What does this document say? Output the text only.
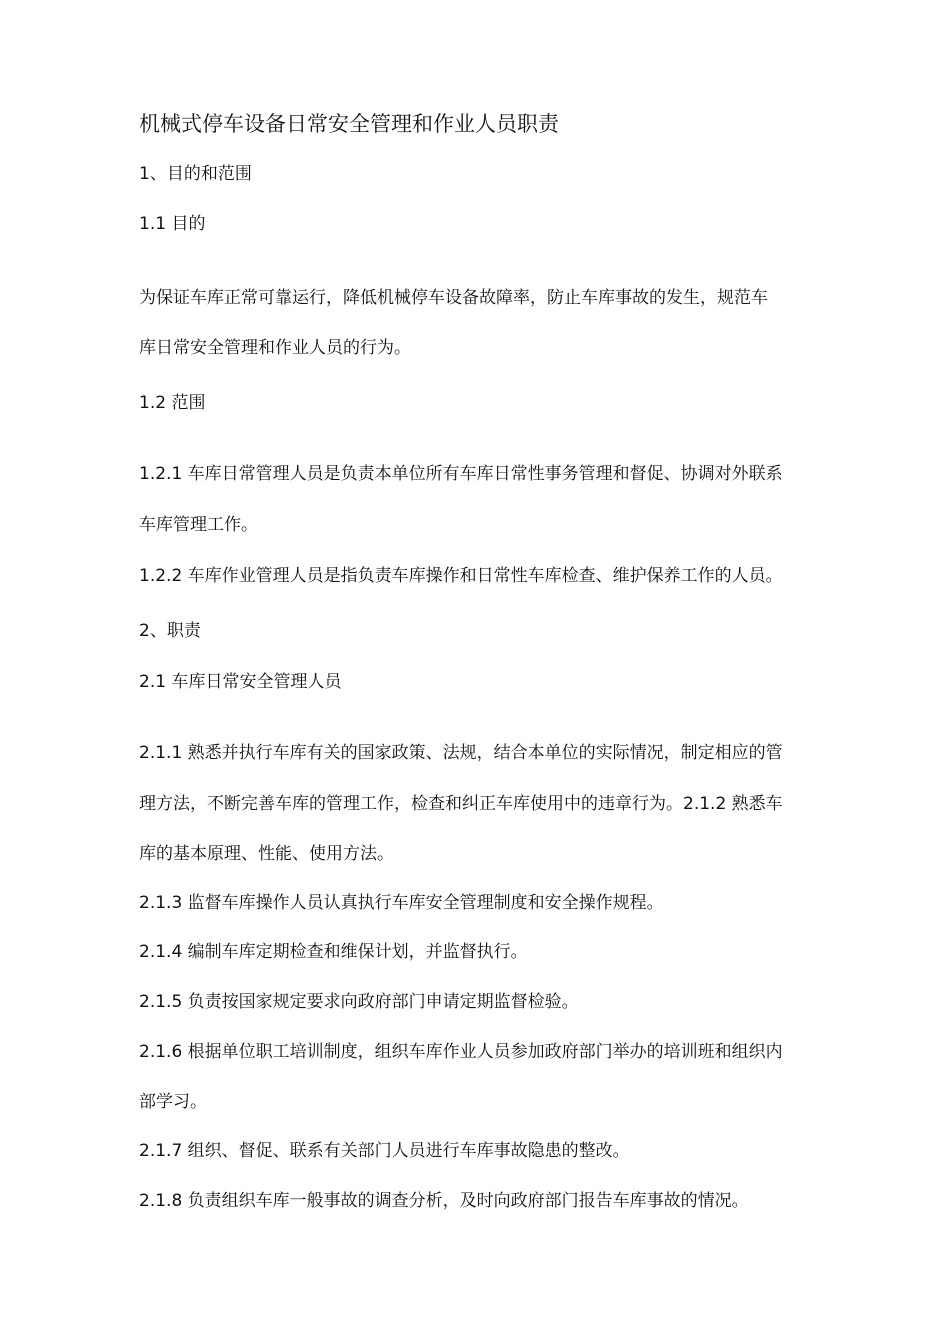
机械式停车设备日常安全管理和作业人员职责
1、目的和范围
1.1 目的
为保证车库正常可靠运行，降低机械停车设备故障率，防止车库事故的发生，规范车
库日常安全管理和作业人员的行为。
1.2 范围
1.2.1 车库日常管理人员是负责本单位所有车库日常性事务管理和督促、协调对外联系
车库管理工作。
1.2.2 车库作业管理人员是指负责车库操作和日常性车库检查、维护保养工作的人员。
2、职责
2.1 车库日常安全管理人员
2.1.1 熟悉并执行车库有关的国家政策、法规，结合本单位的实际情况，制定相应的管
理方法，不断完善车库的管理工作，检查和纠正车库使用中的违章行为。2.1.2 熟悉车
库的基本原理、性能、使用方法。
2.1.3 监督车库操作人员认真执行车库安全管理制度和安全操作规程。
2.1.4 编制车库定期检查和维保计划，并监督执行。
2.1.5 负责按国家规定要求向政府部门申请定期监督检验。
2.1.6 根据单位职工培训制度，组织车库作业人员参加政府部门举办的培训班和组织内
部学习。
2.1.7 组织、督促、联系有关部门人员进行车库事故隐患的整改。
2.1.8 负责组织车库一般事故的调查分析，及时向政府部门报告车库事故的情况。
